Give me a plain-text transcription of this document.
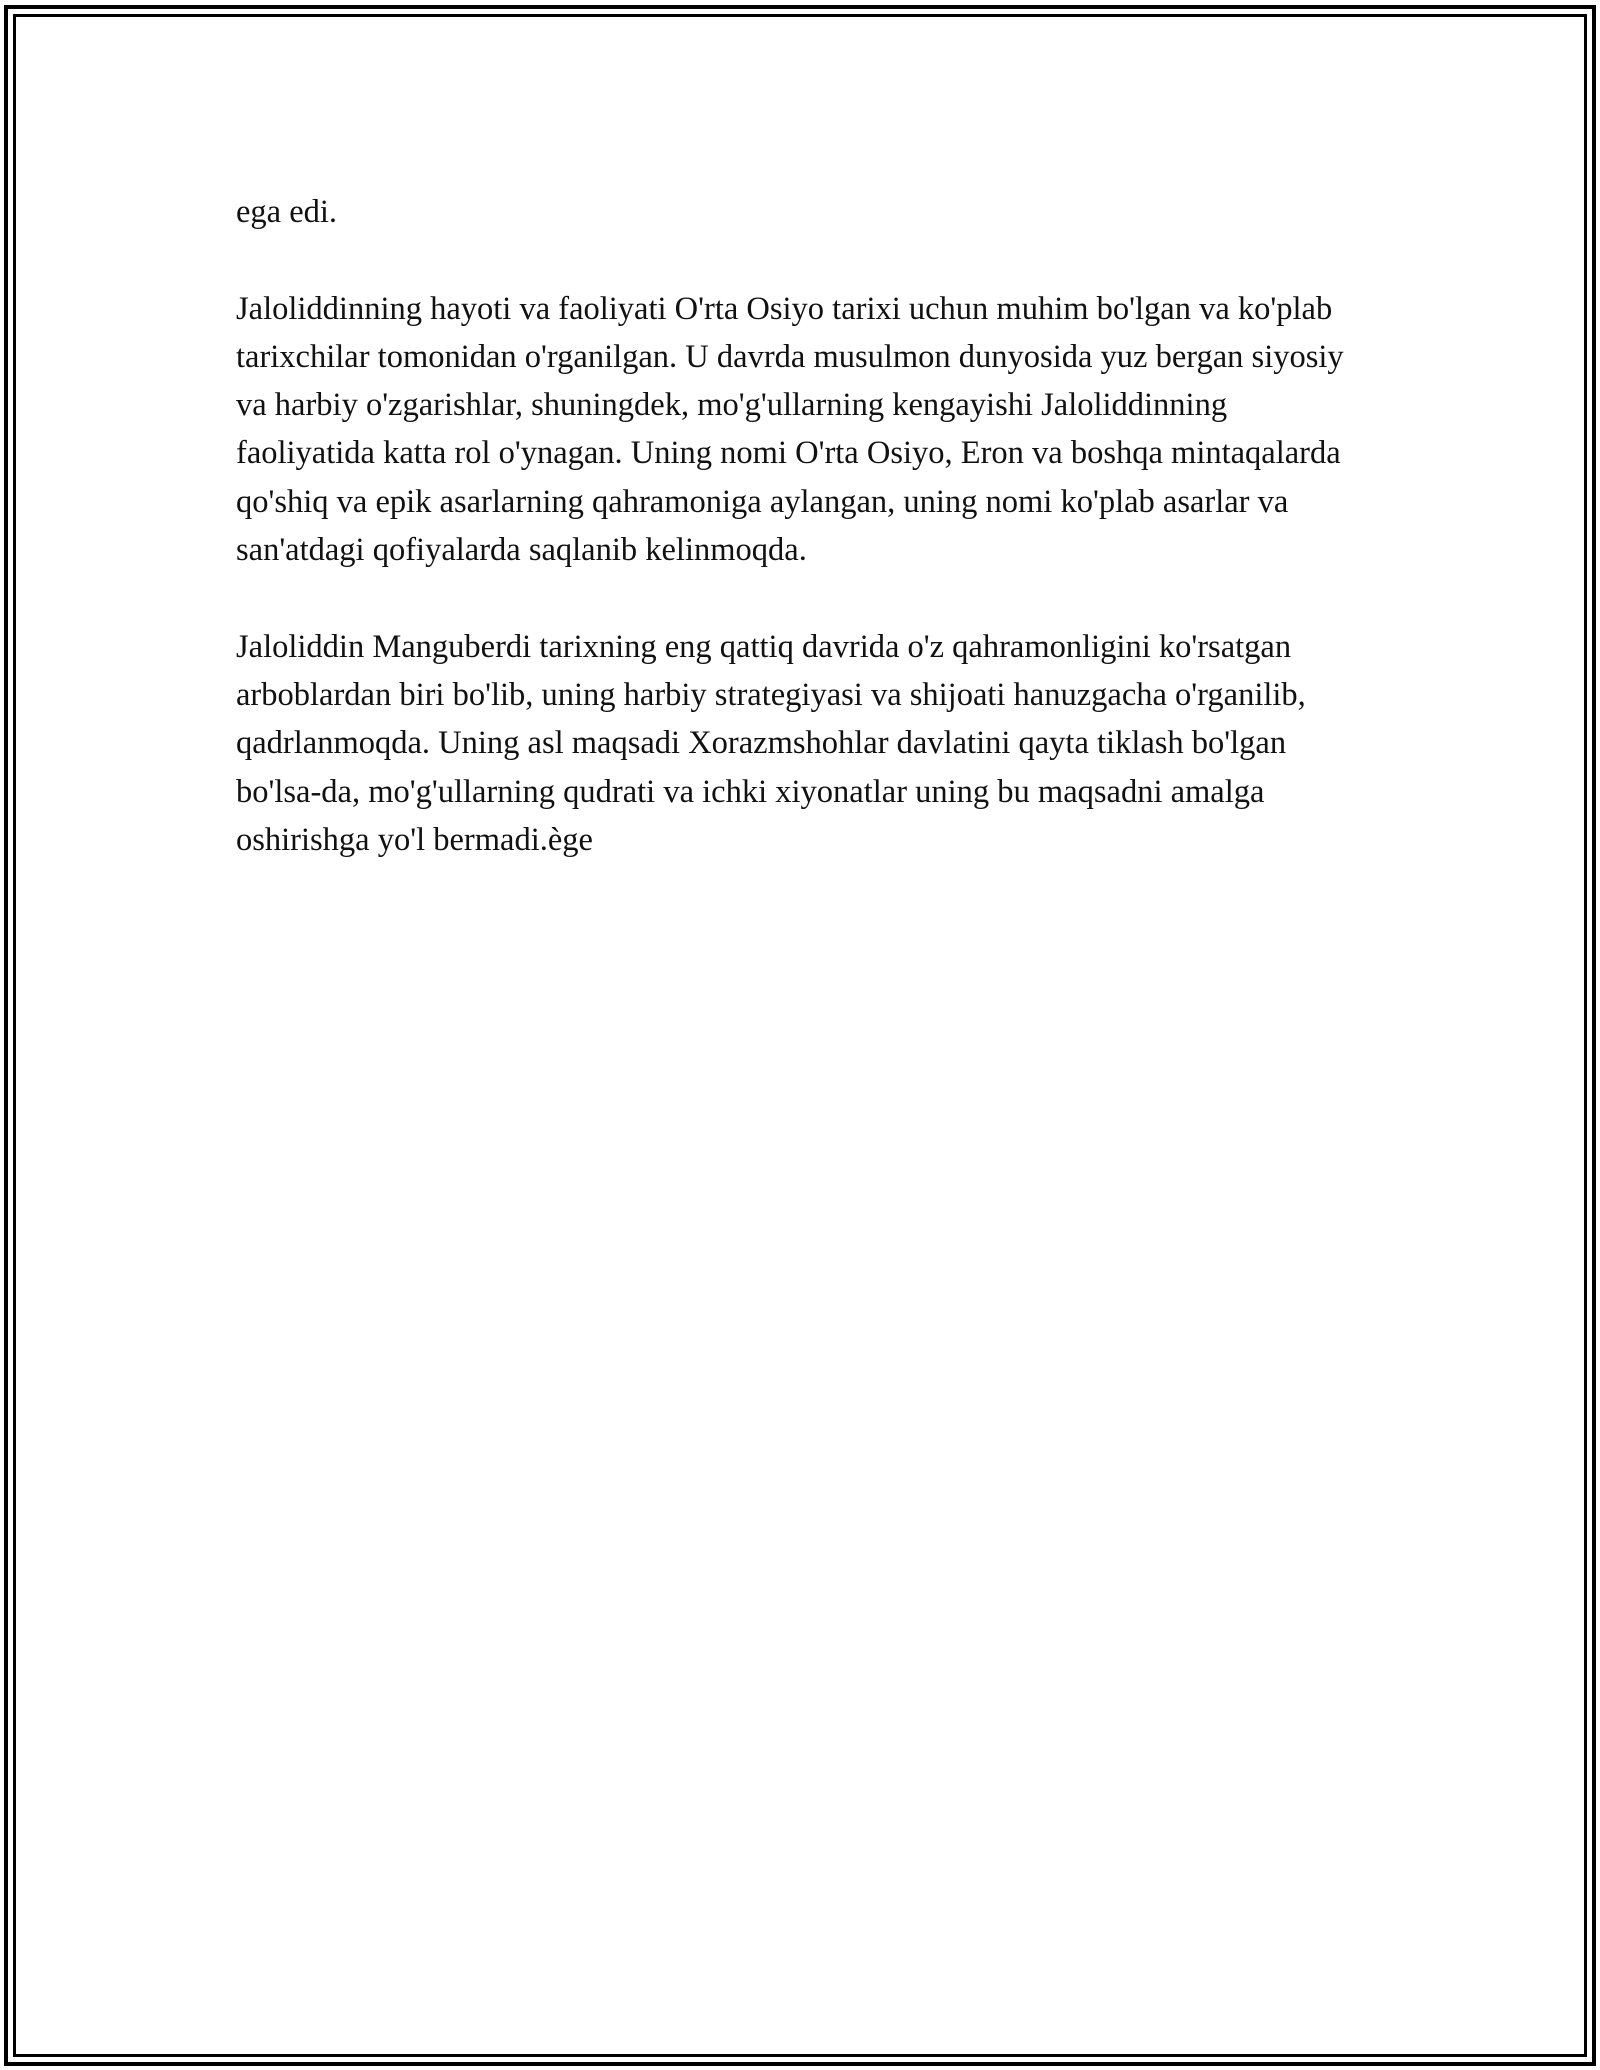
ega edi.

Jaloliddinning hayoti va faoliyati O'rta Osiyo tarixi uchun muhim bo'lgan va ko'plab tarixchilar tomonidan o'rganilgan. U davrda musulmon dunyosida yuz bergan siyosiy va harbiy o'zgarishlar, shuningdek, mo'g'ullarning kengayishi Jaloliddinning faoliyatida katta rol o'ynagan. Uning nomi O'rta Osiyo, Eron va boshqa mintaqalarda qo'shiq va epik asarlarning qahramoniga aylangan, uning nomi ko'plab asarlar va san'atdagi qofiyalarda saqlanib kelinmoqda.

Jaloliddin Manguberdi tarixning eng qattiq davrida o'z qahramonligini ko'rsatgan arboblardan biri bo'lib, uning harbiy strategiyasi va shijoati hanuzgacha o'rganilib, qadrlanmoqda. Uning asl maqsadi Xorazmshohlar davlatini qayta tiklash bo'lgan bo'lsa-da, mo'g'ullarning qudrati va ichki xiyonatlar uning bu maqsadni amalga oshirishga yo'l bermadi.ège
